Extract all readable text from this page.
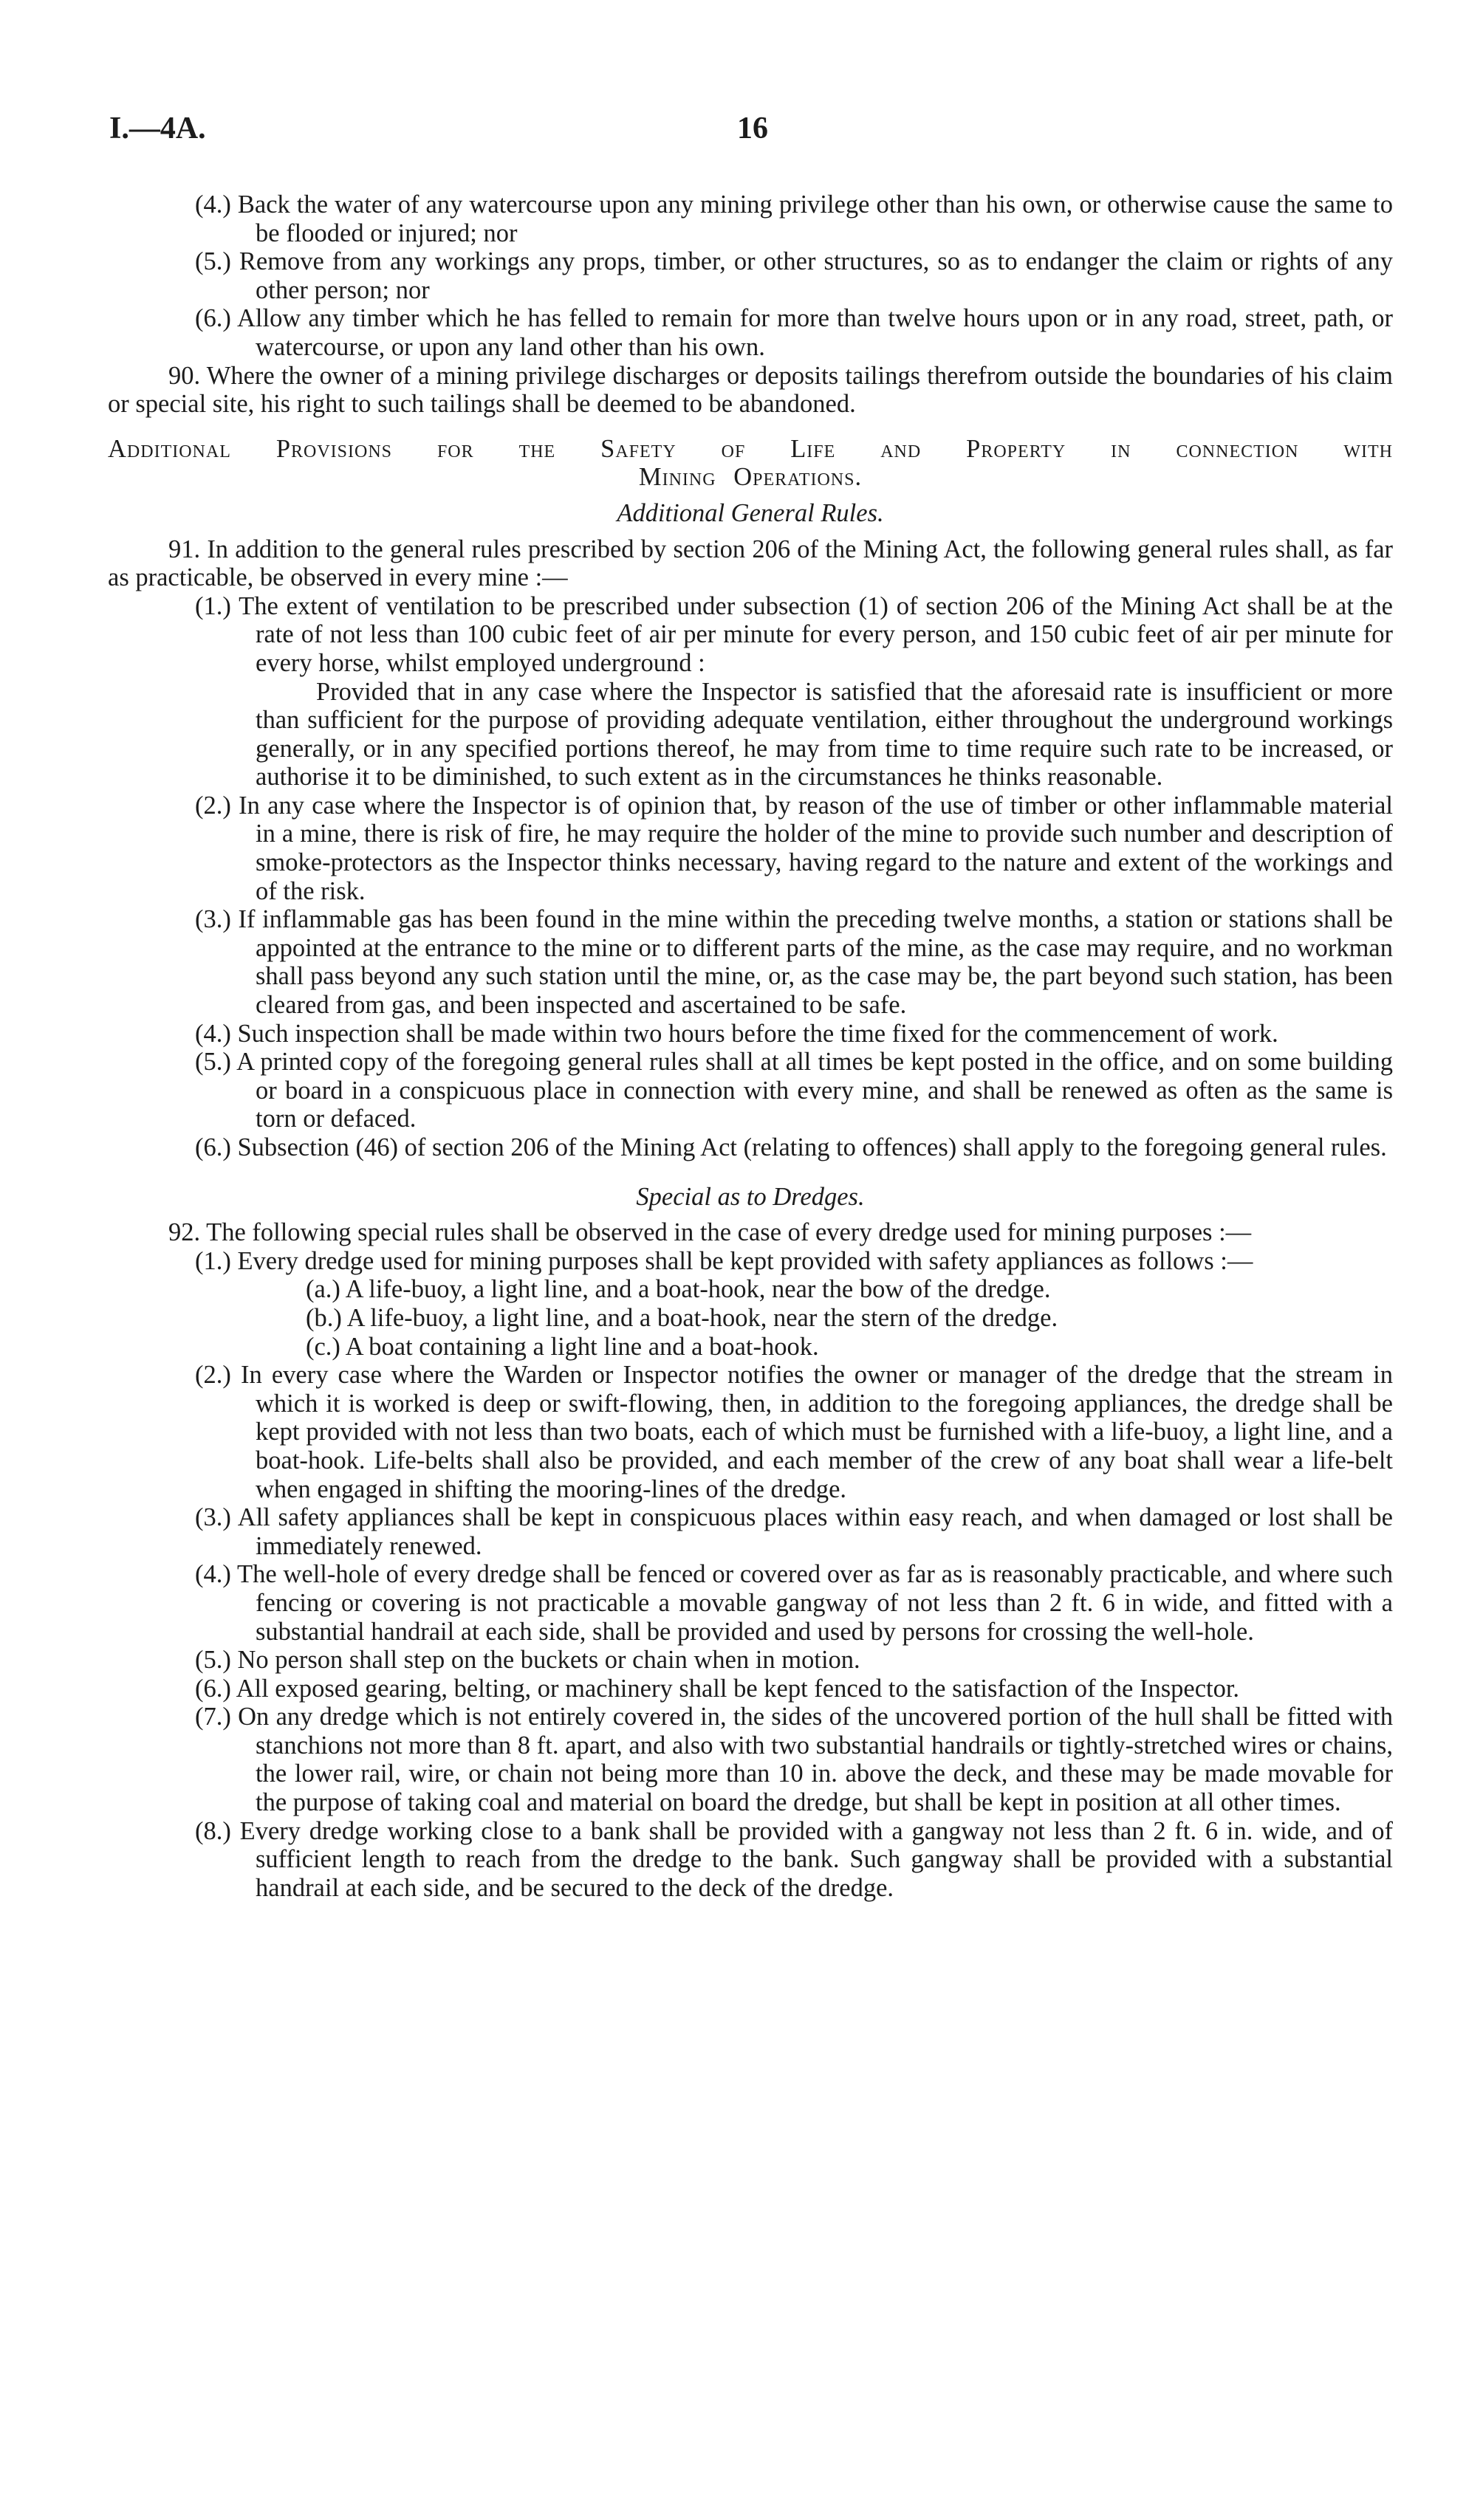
I.—4A.	16

(4.) Back the water of any watercourse upon any mining privilege other than his own, or otherwise cause the same to be flooded or injured; nor

(5.) Remove from any workings any props, timber, or other structures, so as to endanger the claim or rights of any other person; nor

(6.) Allow any timber which he has felled to remain for more than twelve hours upon or in any road, street, path, or watercourse, or upon any land other than his own.

90. Where the owner of a mining privilege discharges or deposits tailings therefrom outside the boundaries of his claim or special site, his right to such tailings shall be deemed to be abandoned.

Additional Provisions for the Safety of Life and Property in connection with

Mining Operations.

Additional General Rules.

91. In addition to the general rules prescribed by section 206 of the Mining Act, the following general rules shall, as far as practicable, be observed in every mine :—

(1.) The extent of ventilation to be prescribed under subsection (1) of section 206 of the Mining Act shall be at the rate of not less than 100 cubic feet of air per minute for every person, and 150 cubic feet of air per minute for every horse, whilst employed underground :

Provided that in any case where the Inspector is satisfied that the aforesaid rate is insufficient or more than sufficient for the purpose of providing adequate ventilation, either throughout the underground workings generally, or in any specified portions thereof, he may from time to time require such rate to be increased, or authorise it to be diminished, to such extent as in the circumstances he thinks reasonable.

(2.) In any case where the Inspector is of opinion that, by reason of the use of timber or other inflammable material in a mine, there is risk of fire, he may require the holder of the mine to provide such number and description of smoke-protectors as the Inspector thinks necessary, having regard to the nature and extent of the workings and of the risk.

(3.) If inflammable gas has been found in the mine within the preceding twelve months, a station or stations shall be appointed at the entrance to the mine or to different parts of the mine, as the case may require, and no workman shall pass beyond any such station until the mine, or, as the case may be, the part beyond such station, has been cleared from gas, and been inspected and ascertained to be safe.

(4.) Such inspection shall be made within two hours before the time fixed for the commencement of work.

(5.) A printed copy of the foregoing general rules shall at all times be kept posted in the office, and on some building or board in a conspicuous place in connection with every mine, and shall be renewed as often as the same is torn or defaced.

(6.) Subsection (46) of section 206 of the Mining Act (relating to offences) shall apply to the foregoing general rules.

Special as to Dredges.

92. The following special rules shall be observed in the case of every dredge used for mining purposes :—

(1.) Every dredge used for mining purposes shall be kept provided with safety appliances as follows :—

(a.) A life-buoy, a light line, and a boat-hook, near the bow of the dredge.

(b.) A life-buoy, a light line, and a boat-hook, near the stern of the dredge.

(c.) A boat containing a light line and a boat-hook.

(2.) In every case where the Warden or Inspector notifies the owner or manager of the dredge that the stream in which it is worked is deep or swift-flowing, then, in addition to the foregoing appliances, the dredge shall be kept provided with not less than two boats, each of which must be furnished with a life-buoy, a light line, and a boat-hook. Life-belts shall also be provided, and each member of the crew of any boat shall wear a life-belt when engaged in shifting the mooring-lines of the dredge.

(3.) All safety appliances shall be kept in conspicuous places within easy reach, and when damaged or lost shall be immediately renewed.

(4.) The well-hole of every dredge shall be fenced or covered over as far as is reasonably practicable, and where such fencing or covering is not practicable a movable gangway of not less than 2 ft. 6 in wide, and fitted with a substantial handrail at each side, shall be provided and used by persons for crossing the well-hole.

(5.) No person shall step on the buckets or chain when in motion.

(6.) All exposed gearing, belting, or machinery shall be kept fenced to the satisfaction of the Inspector.

(7.) On any dredge which is not entirely covered in, the sides of the uncovered portion of the hull shall be fitted with stanchions not more than 8 ft. apart, and also with two substantial handrails or tightly-stretched wires or chains, the lower rail, wire, or chain not being more than 10 in. above the deck, and these may be made movable for the purpose of taking coal and material on board the dredge, but shall be kept in position at all other times.

(8.) Every dredge working close to a bank shall be provided with a gangway not less than 2 ft. 6 in. wide, and of sufficient length to reach from the dredge to the bank. Such gangway shall be provided with a substantial handrail at each side, and be secured to the deck of the dredge.
